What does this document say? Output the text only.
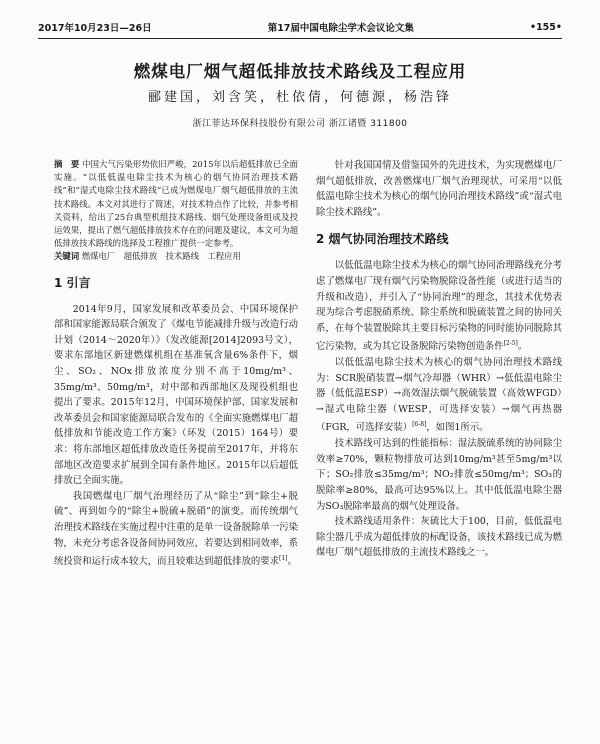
2017年10月23日—26日	第17届中国电除尘学术会议论文集	•155•
燃煤电厂烟气超低排放技术路线及工程应用
郦建国，刘含笑，杜依倩，何德源，杨浩锋
浙江菲达环保科技股份有限公司 浙江诸暨 311800

摘　要 中国大气污染形势依旧严峻，2015年以后超低排放已全面实施。“以低低温电除尘技术为核心的烟气协同治理技术路线”和“湿式电除尘技术路线”已成为燃煤电厂烟气超低排放的主流技术路线。本文对其进行了简述，对技术特点作了比较，并参考相关资料，给出了25台典型机组技术路线、烟气处理设备组成及投运效果，提出了燃气超低排放技术存在的问题及建议，本文可为超低排放技术路线的选择及工程推广提供一定参考。

关键词 燃煤电厂　超低排放　技术路线　工程应用

1 引言

2014年9月，国家发展和改革委员会、中国环境保护部和国家能源局联合颁发了《煤电节能减排升级与改造行动计划（2014～2020年）》（发改能源[2014]2093号文），要求东部地区新建燃煤机组在基准氧含量6%条件下，烟尘、SO₂、NOx排放浓度分别不高于10mg/m³、35mg/m³、50mg/m³，对中部和西部地区及现役机组也提出了要求。2015年12月，中国环境保护部、国家发展和改革委员会和国家能源局联合发布的《全面实施燃煤电厂超低排放和节能改造工作方案》（环发（2015）164号）要求：将东部地区超低排放改造任务提前至2017年，并将东部地区改造要求扩展到全国有条件地区。2015年以后超低排放已全面实施。

我国燃煤电厂烟气治理经历了从“除尘”到“除尘+脱硫”、再到如今的“除尘+脱硫+脱硝”的演变。而传统烟气治理技术路线在实施过程中注重的是单一设备脱除单一污染物，未充分考虑各设备间协同效应，若要达到相同效率，系统投资和运行成本较大，而且较难达到超低排放的要求[1]。

针对我国国情及借鉴国外的先进技术，为实现燃煤电厂烟气超低排放，改善燃煤电厂烟气治理现状，可采用“以低低温电除尘技术为核心的烟气协同治理技术路线”或“湿式电除尘技术路线”。

2 烟气协同治理技术路线

以低低温电除尘技术为核心的烟气协同治理路线充分考虑了燃煤电厂现有烟气污染物脱除设备性能（或进行适当的升级和改造），并引入了“协同治理”的理念，其技术优势表现为综合考虑脱硝系统、除尘系统和脱硫装置之间的协同关系，在每个装置脱除其主要目标污染物的同时能协同脱除其它污染物，或为其它设备脱除污染物创造条件[2-5]。

以低低温电除尘技术为核心的烟气协同治理技术路线为：SCR脱硝装置→烟气冷却器（WHR）→低低温电除尘器（低低温ESP）→高效湿法烟气脱硫装置（高效WFGD）→湿式电除尘器（WESP，可选择安装）→烟气再热器（FGR，可选择安装）[6-8]，如图1所示。

技术路线可达到的性能指标：湿法脱硫系统的协同除尘效率≥70%，颗粒物排放可达到10mg/m³甚至5mg/m³以下；SO₂排放≤35mg/m³；NO₂排放≤50mg/m³；SO₃的脱除率≥80%，最高可达95%以上。其中低低温电除尘器为SO₃脱除率最高的烟气处理设备。

技术路线适用条件：灰硫比大于100，目前，低低温电除尘器几乎成为超低排放的标配设备，该技术路线已成为燃煤电厂烟气超低排放的主流技术路线之一。
